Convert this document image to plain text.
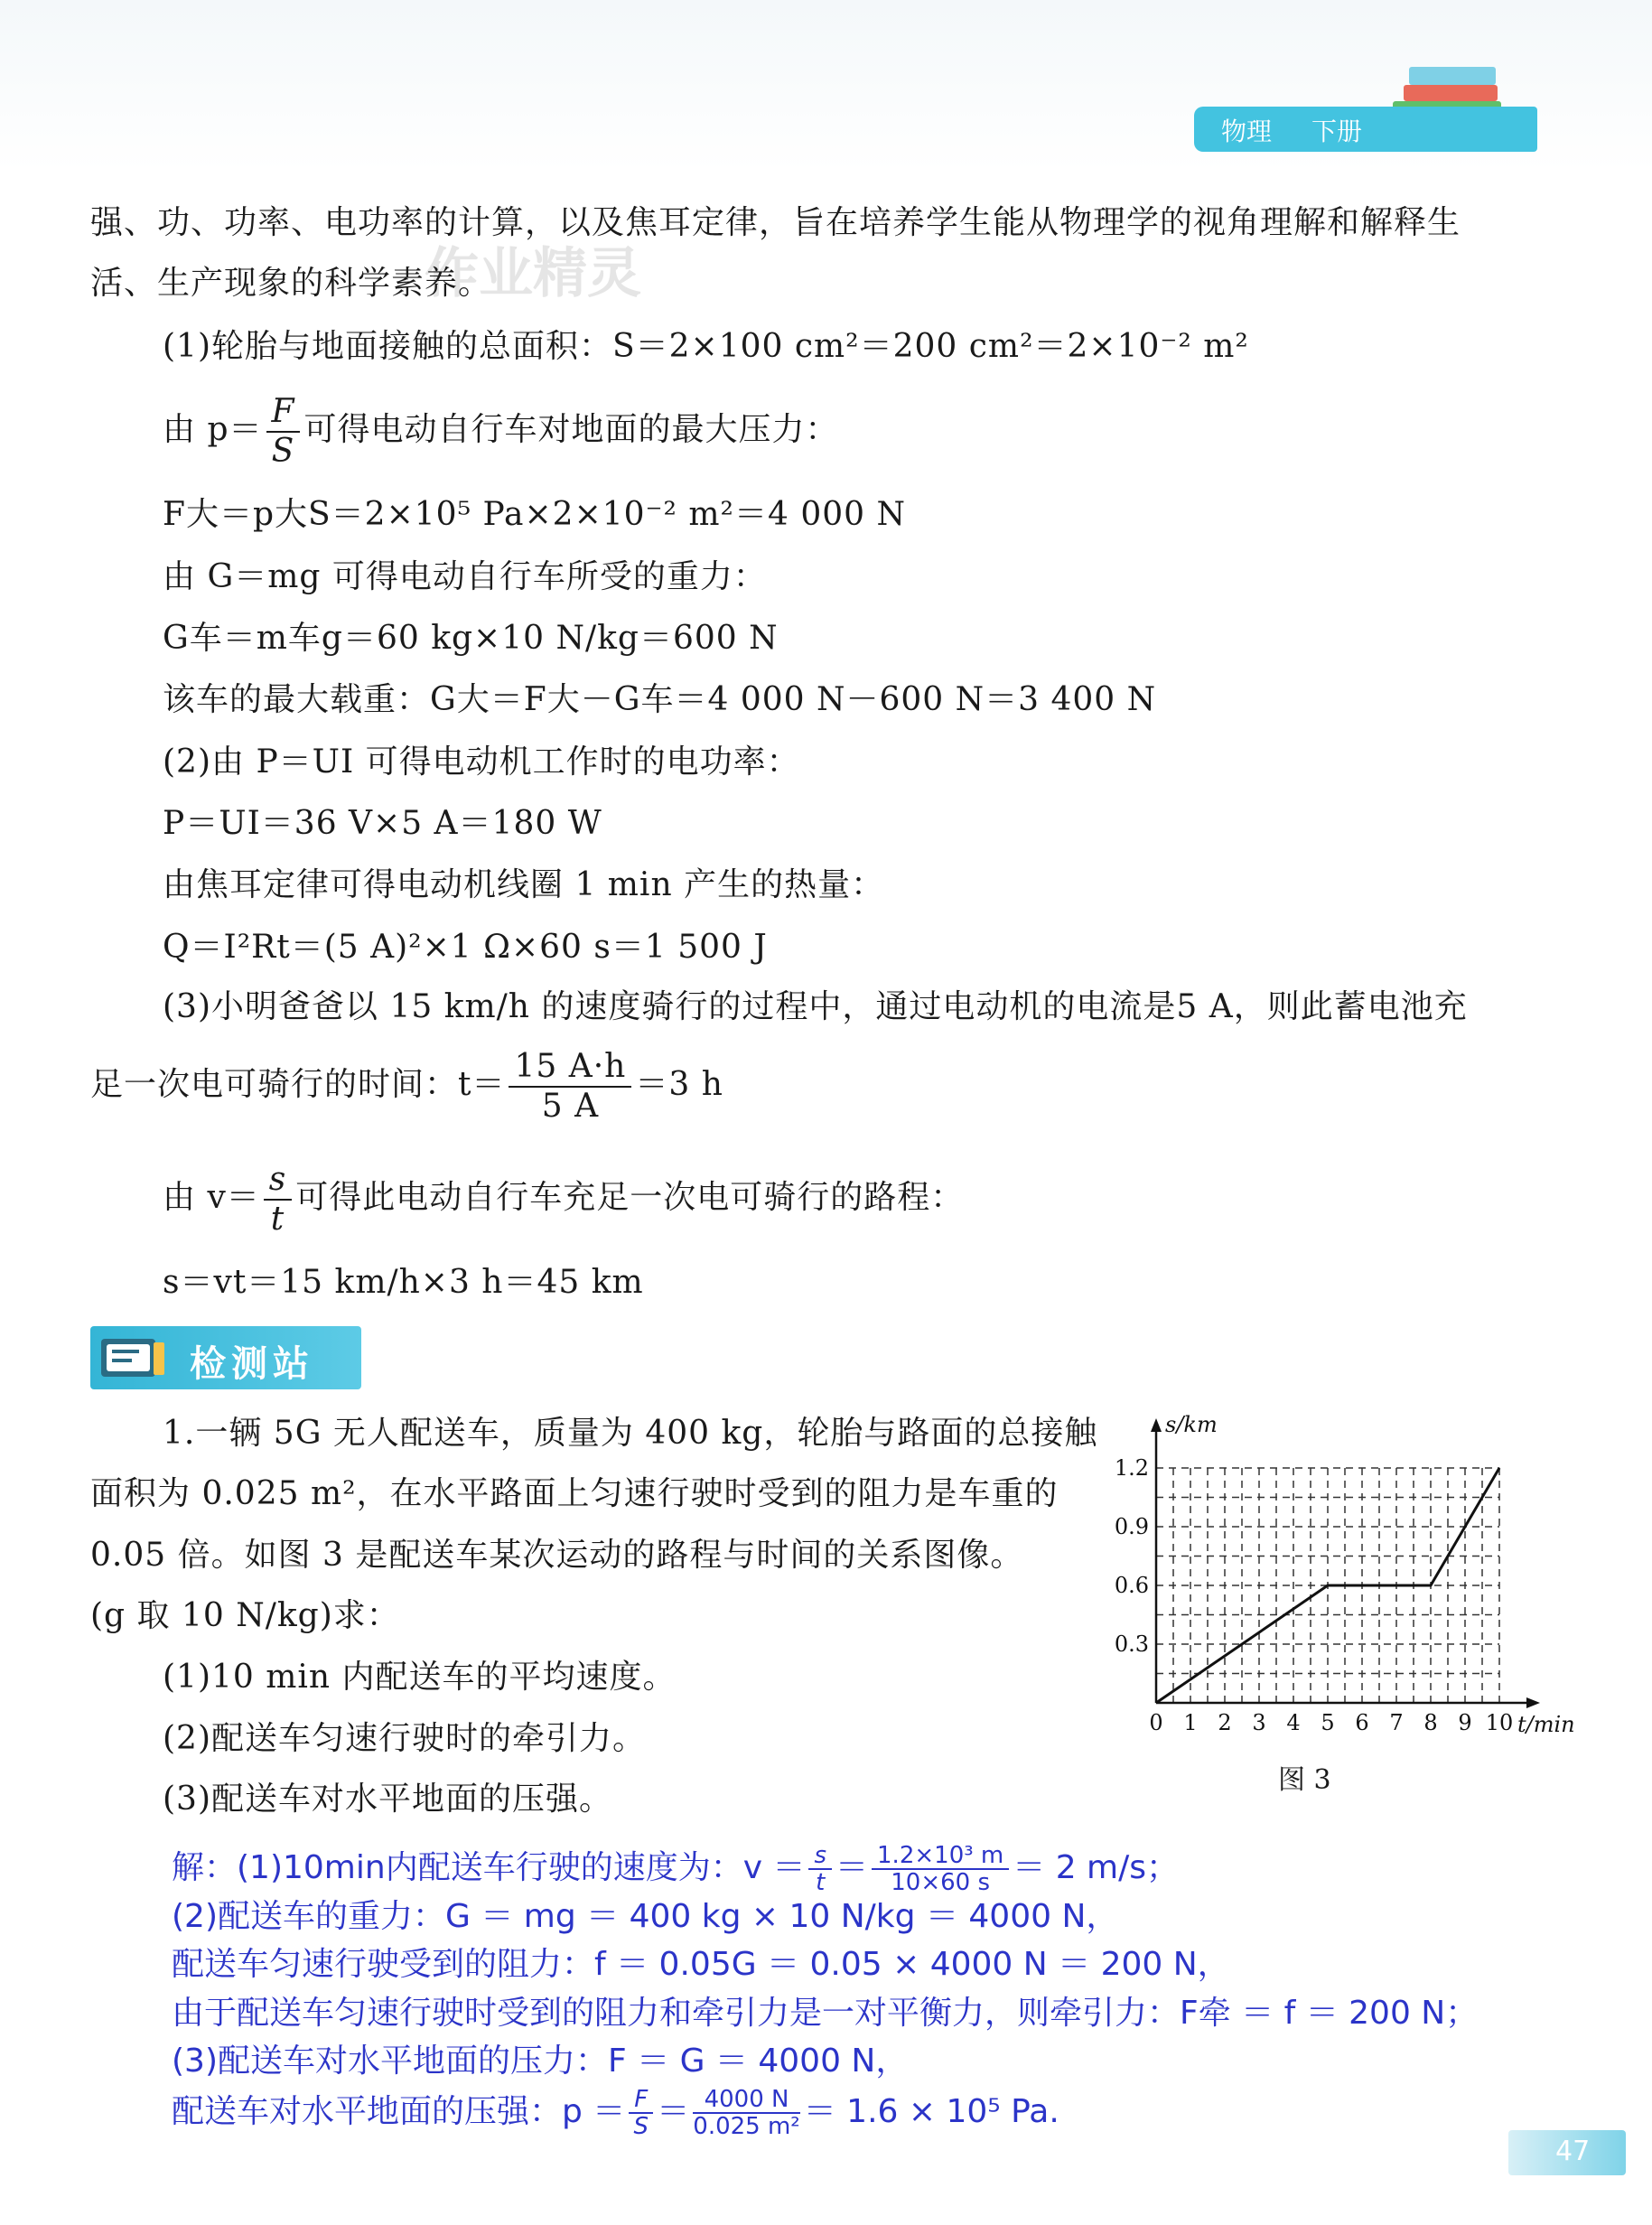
物理 下册
作业精灵
强、功、功率、电功率的计算，以及焦耳定律，旨在培养学生能从物理学的视角理解和解释生
活、生产现象的科学素养。
(1)轮胎与地面接触的总面积：S＝2×100 cm²＝200 cm²＝2×10⁻² m²
由 $p= \frac{F}{S}$ 可得电动自行车对地面的最大压力：
F大＝p大S＝2×10⁵ Pa×2×10⁻² m²＝4 000 N
由 G＝mg 可得电动自行车所受的重力：
G车＝m车g＝60 kg×10 N/kg＝600 N
该车的最大载重：G大＝F大－G车＝4 000 N－600 N＝3 400 N
(2)由 P＝UI 可得电动机工作时的电功率：
P＝UI＝36 V×5 A＝180 W
由焦耳定律可得电动机线圈 1 min 产生的热量：
Q＝I²Rt＝(5 A)²×1 Ω×60 s＝1 500 J
(3)小明爸爸以 15 km/h 的速度骑行的过程中，通过电动机的电流是5 A，则此蓄电池充
足一次电可骑行的时间：$t= \frac{15 A\cdot h}{5 A} =3$ h
由 $v= \frac{s}{t}$ 可得此电动自行车充足一次电可骑行的路程：
s＝vt＝15 km/h×3 h＝45 km
检测站
1.一辆 5G 无人配送车，质量为 400 kg，轮胎与路面的总接触
面积为 0.025 m²，在水平路面上匀速行驶时受到的阻力是车重的
0.05 倍。如图 3 是配送车某次运动的路程与时间的关系图像。
(g 取 10 N/kg)求：
(1)10 min 内配送车的平均速度。
(2)配送车匀速行驶时的牵引力。
(3)配送车对水平地面的压强。
0 1 2 3 4 5 6 7 8 9 10
0.3
0.6
0.9
1.2
t/min
s/km
图 3
解：(1)10min内配送车行驶的速度为：$v = \frac{s}{t} = \frac{\text{1.2×10³ m}}{10\times 60 s} = 2$ m/s；
(2)配送车的重力：G ＝ mg ＝ 400 kg × 10 N/kg ＝ 4000 N，
配送车匀速行驶受到的阻力：f ＝ 0.05G ＝ 0.05 × 4000 N ＝ 200 N，
由于配送车匀速行驶时受到的阻力和牵引力是一对平衡力，则牵引力：F牵 ＝ f ＝ 200 N；
(3)配送车对水平地面的压力：F ＝ G ＝ 4000 N，
配送车对水平地面的压强：$p = \frac{F}{S} = \frac{4000 N}{\text{0.025 m²}} = 1.6 \times 10^5$ Pa.
47
